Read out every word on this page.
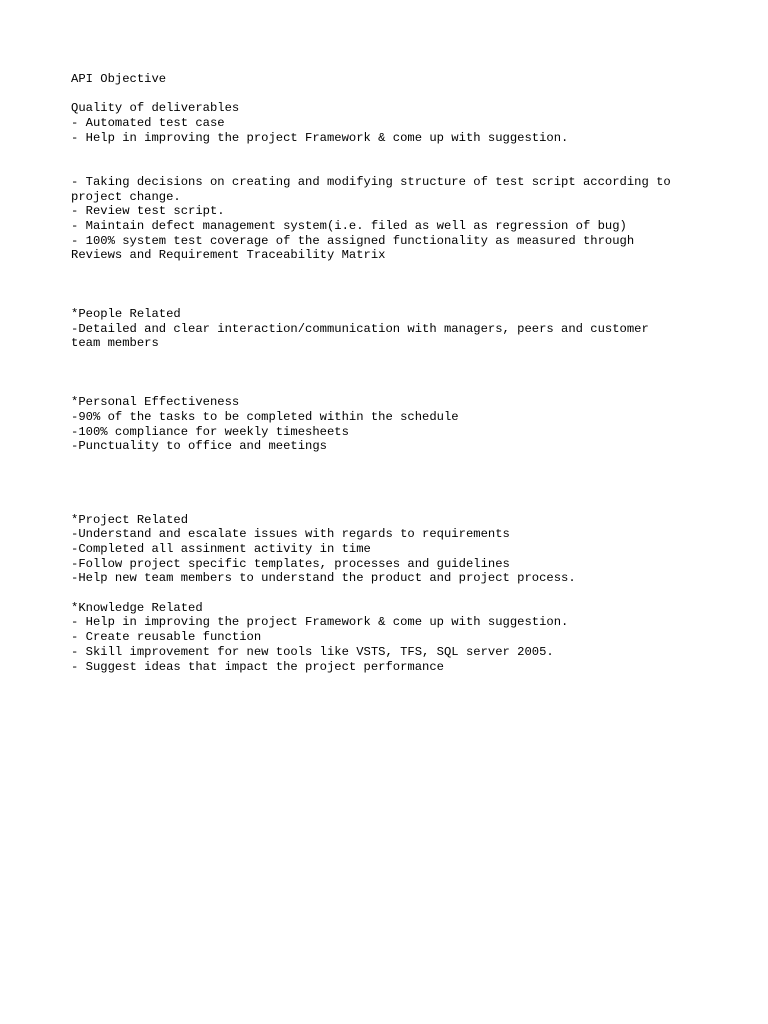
API Objective
Quality of deliverables
- Automated test case
- Help in improving the project Framework & come up with suggestion.
- Taking decisions on creating and modifying structure of test script according to
project change.
- Review test script.
- Maintain defect management system(i.e. filed as well as regression of bug)
- 100% system test coverage of the assigned functionality as measured through
Reviews and Requirement Traceability Matrix
*People Related
-Detailed and clear interaction/communication with managers, peers and customer
team members
*Personal Effectiveness
-90% of the tasks to be completed within the schedule
-100% compliance for weekly timesheets
-Punctuality to office and meetings
*Project Related
-Understand and escalate issues with regards to requirements
-Completed all assinment activity in time
-Follow project specific templates, processes and guidelines
-Help new team members to understand the product and project process.
*Knowledge Related
- Help in improving the project Framework & come up with suggestion.
- Create reusable function
- Skill improvement for new tools like VSTS, TFS, SQL server 2005.
- Suggest ideas that impact the project performance
